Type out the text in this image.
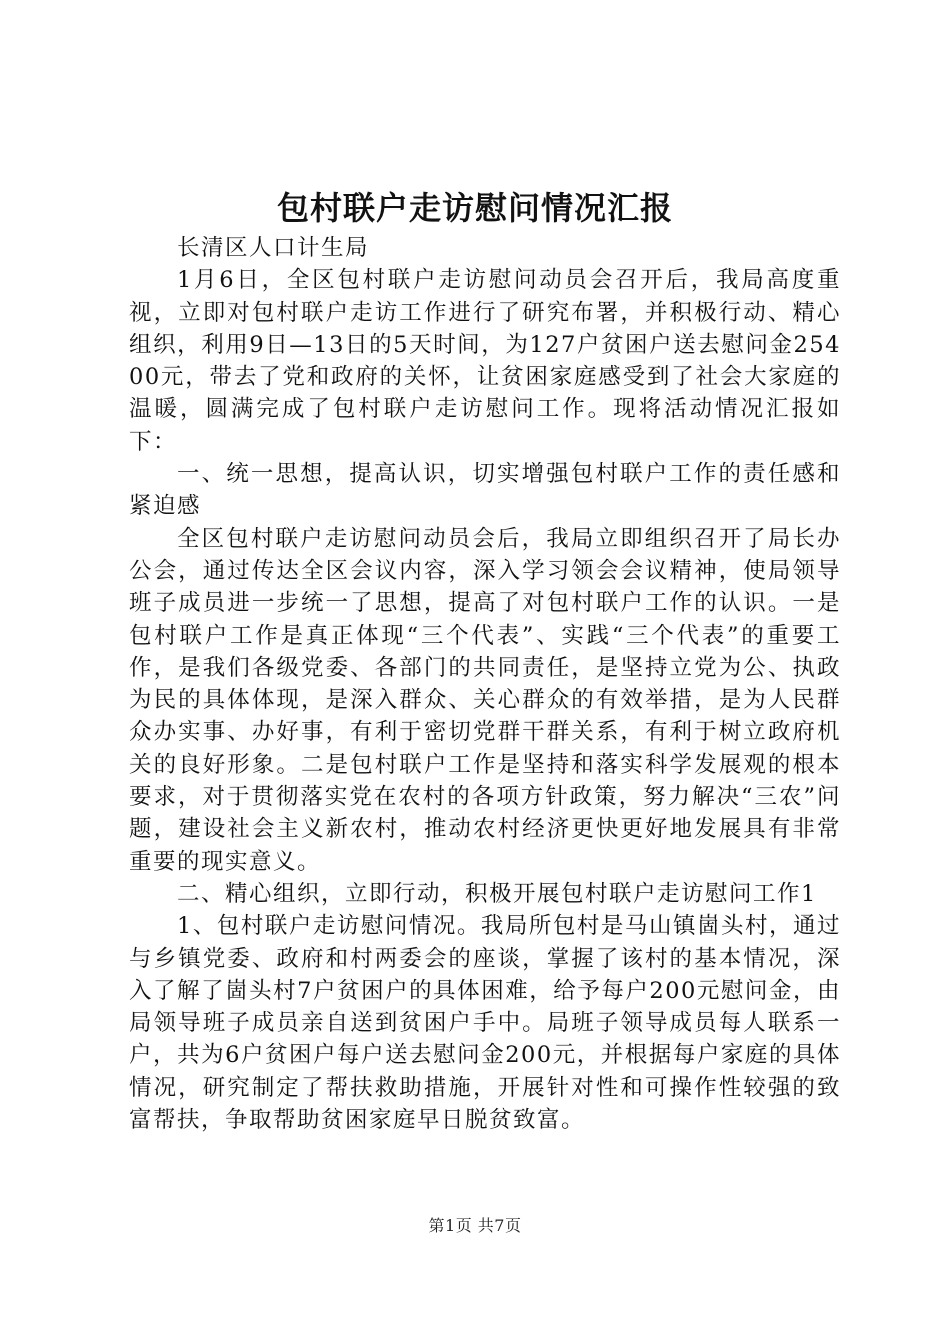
包村联户走访慰问情况汇报

长清区人口计生局

1月6日，全区包村联户走访慰问动员会召开后，我局高度重视，立即对包村联户走访工作进行了研究布署，并积极行动、精心组织，利用9日—13日的5天时间，为127户贫困户送去慰问金25400元，带去了党和政府的关怀，让贫困家庭感受到了社会大家庭的温暖，圆满完成了包村联户走访慰问工作。现将活动情况汇报如下：

一、统一思想，提高认识，切实增强包村联户工作的责任感和紧迫感

全区包村联户走访慰问动员会后，我局立即组织召开了局长办公会，通过传达全区会议内容，深入学习领会会议精神，使局领导班子成员进一步统一了思想，提高了对包村联户工作的认识。一是包村联户工作是真正体现“三个代表”、实践“三个代表”的重要工作，是我们各级党委、各部门的共同责任，是坚持立党为公、执政为民的具体体现，是深入群众、关心群众的有效举措，是为人民群众办实事、办好事，有利于密切党群干群关系，有利于树立政府机关的良好形象。二是包村联户工作是坚持和落实科学发展观的根本要求，对于贯彻落实党在农村的各项方针政策，努力解决“三农”问题，建设社会主义新农村，推动农村经济更快更好地发展具有非常重要的现实意义。

二、精心组织，立即行动，积极开展包村联户走访慰问工作1

1、包村联户走访慰问情况。我局所包村是马山镇崮头村，通过与乡镇党委、政府和村两委会的座谈，掌握了该村的基本情况，深入了解了崮头村7户贫困户的具体困难，给予每户200元慰问金，由局领导班子成员亲自送到贫困户手中。局班子领导成员每人联系一户，共为6户贫困户每户送去慰问金200元，并根据每户家庭的具体情况，研究制定了帮扶救助措施，开展针对性和可操作性较强的致富帮扶，争取帮助贫困家庭早日脱贫致富。

第1页 共7页
